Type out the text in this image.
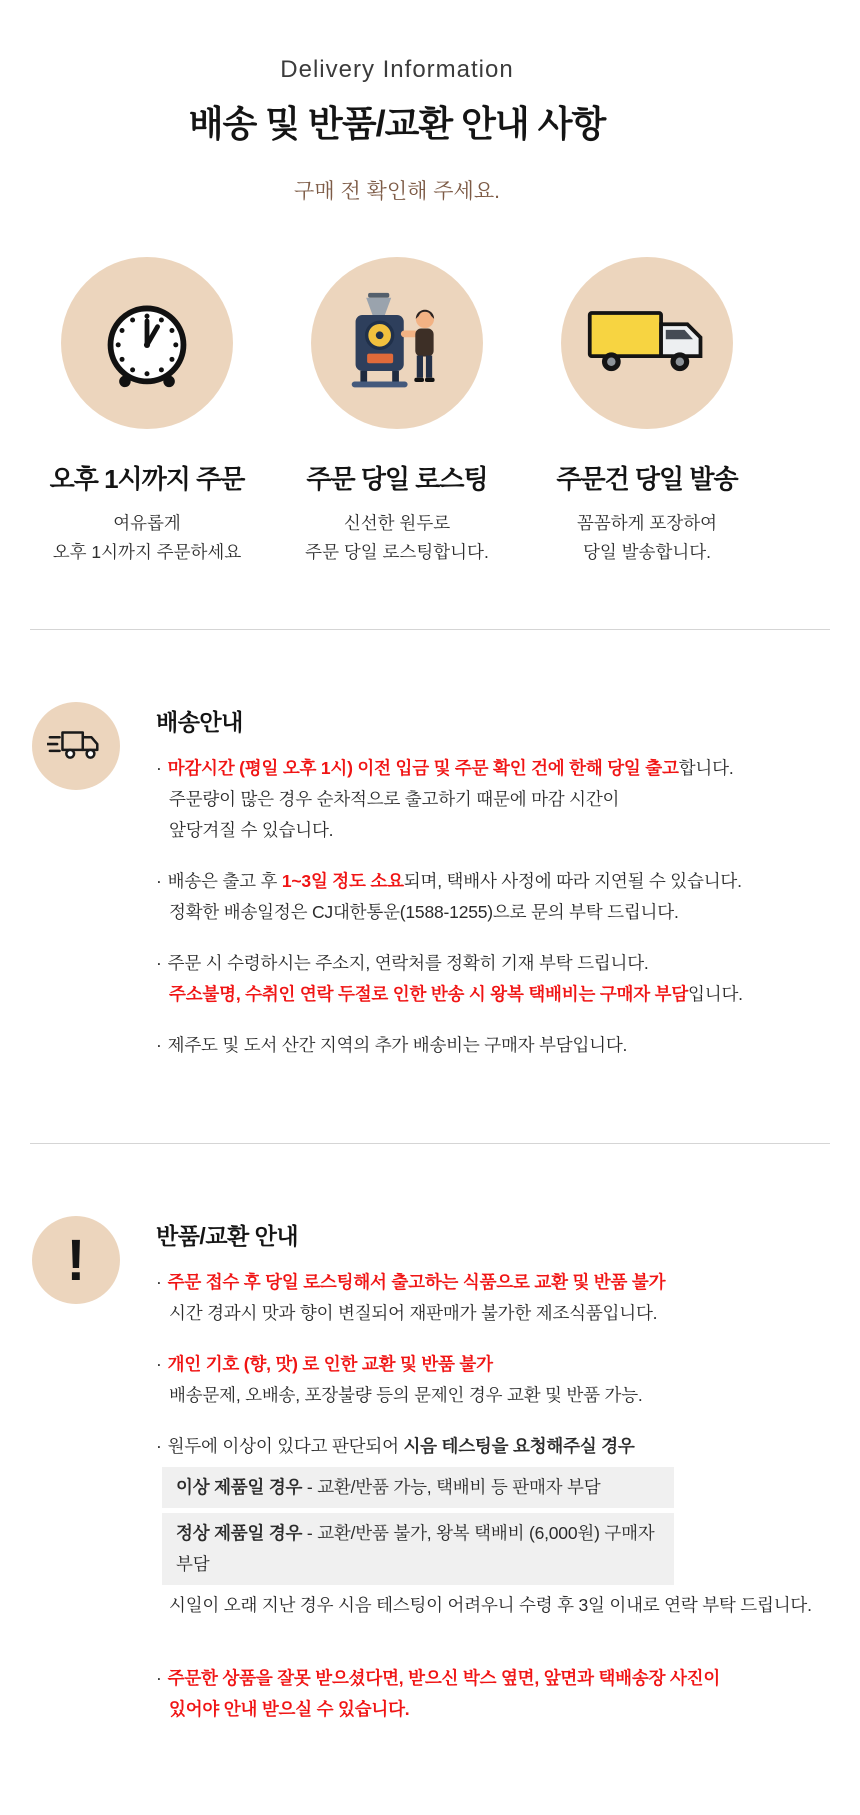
Delivery Information
배송 및 반품/교환 안내 사항
구매 전 확인해 주세요.
오후 1시까지 주문
여유롭게
오후 1시까지 주문하세요
주문 당일 로스팅
신선한 원두로
주문 당일 로스팅합니다.
주문건 당일 발송
꼼꼼하게 포장하여
당일 발송합니다.
배송안내
· 마감시간 (평일 오후 1시) 이전 입금 및 주문 확인 건에 한해 당일 출고합니다.
주문량이 많은 경우 순차적으로 출고하기 때문에 마감 시간이
앞당겨질 수 있습니다.
· 배송은 출고 후 1~3일 정도 소요되며, 택배사 사정에 따라 지연될 수 있습니다.
정확한 배송일정은 CJ대한통운(1588-1255)으로 문의 부탁 드립니다.
· 주문 시 수령하시는 주소지, 연락처를 정확히 기재 부탁 드립니다.
주소불명, 수취인 연락 두절로 인한 반송 시 왕복 택배비는 구매자 부담입니다.
· 제주도 및 도서 산간 지역의 추가 배송비는 구매자 부담입니다.
!	반품/교환 안내
· 주문 접수 후 당일 로스팅해서 출고하는 식품으로 교환 및 반품 불가
시간 경과시 맛과 향이 변질되어 재판매가 불가한 제조식품입니다.
· 개인 기호 (향, 맛) 로 인한 교환 및 반품 불가
배송문제, 오배송, 포장불량 등의 문제인 경우 교환 및 반품 가능.
· 원두에 이상이 있다고 판단되어 시음 테스팅을 요청해주실 경우
이상 제품일 경우 - 교환/반품 가능, 택배비 등 판매자 부담
정상 제품일 경우 - 교환/반품 불가, 왕복 택배비 (6,000원) 구매자 부담
시일이 오래 지난 경우 시음 테스팅이 어려우니 수령 후 3일 이내로 연락 부탁 드립니다.
· 주문한 상품을 잘못 받으셨다면, 받으신 박스 옆면, 앞면과 택배송장 사진이
있어야 안내 받으실 수 있습니다.
